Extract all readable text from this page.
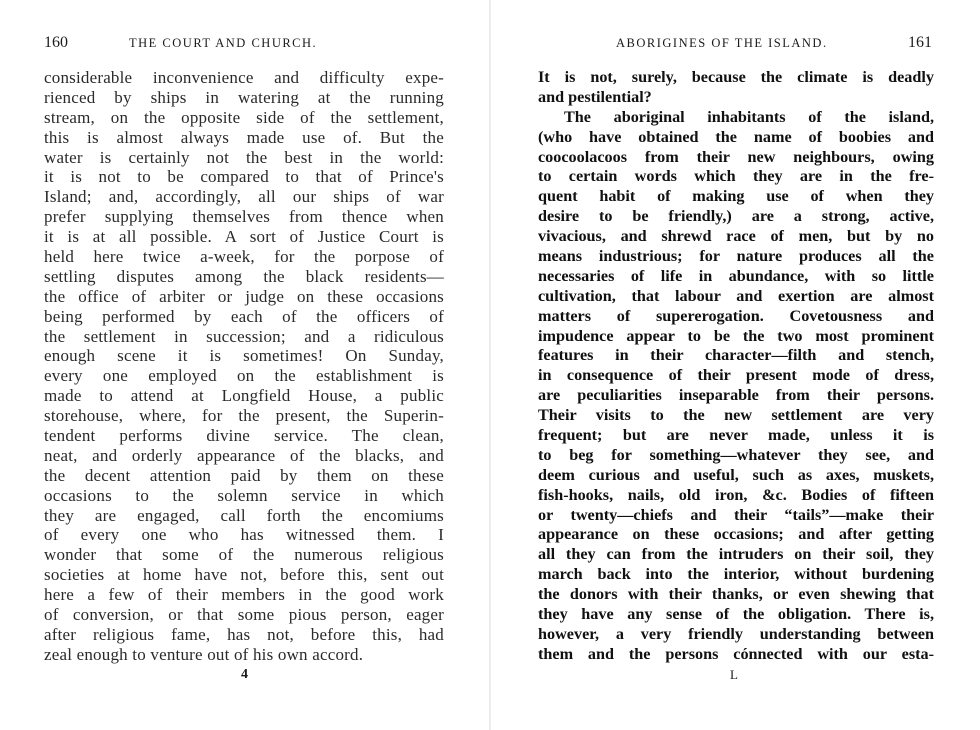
160	THE COURT AND CHURCH.
considerable inconvenience and difficulty expe-
rienced by ships in watering at the running
stream, on the opposite side of the settlement,
this is almost always made use of. But the
water is certainly not the best in the world:
it is not to be compared to that of Prince's
Island; and, accordingly, all our ships of war
prefer supplying themselves from thence when
it is at all possible. A sort of Justice Court is
held here twice a-week, for the porpose of
settling disputes among the black residents—
the office of arbiter or judge on these occasions
being performed by each of the officers of
the settlement in succession; and a ridiculous
enough scene it is sometimes! On Sunday,
every one employed on the establishment is
made to attend at Longfield House, a public
storehouse, where, for the present, the Superin-
tendent performs divine service. The clean,
neat, and orderly appearance of the blacks, and
the decent attention paid by them on these
occasions to the solemn service in which
they are engaged, call forth the encomiums
of every one who has witnessed them. I
wonder that some of the numerous religious
societies at home have not, before this, sent out
here a few of their members in the good work
of conversion, or that some pious person, eager
after religious fame, has not, before this, had
zeal enough to venture out of his own accord.
4
ABORIGINES OF THE ISLAND.	161
It is not, surely, because the climate is deadly
and pestilential?
The aboriginal inhabitants of the island,
(who have obtained the name of boobies and
coocoolacoos from their new neighbours, owing
to certain words which they are in the fre-
quent habit of making use of when they
desire to be friendly,) are a strong, active,
vivacious, and shrewd race of men, but by no
means industrious; for nature produces all the
necessaries of life in abundance, with so little
cultivation, that labour and exertion are almost
matters of supererogation. Covetousness and
impudence appear to be the two most prominent
features in their character—filth and stench,
in consequence of their present mode of dress,
are peculiarities inseparable from their persons.
Their visits to the new settlement are very
frequent; but are never made, unless it is
to beg for something—whatever they see, and
deem curious and useful, such as axes, muskets,
fish-hooks, nails, old iron, &c. Bodies of fifteen
or twenty—chiefs and their “tails”—make their
appearance on these occasions; and after getting
all they can from the intruders on their soil, they
march back into the interior, without burdening
the donors with their thanks, or even shewing that
they have any sense of the obligation. There is,
however, a very friendly understanding between
them and the persons cónnected with our esta-
L
